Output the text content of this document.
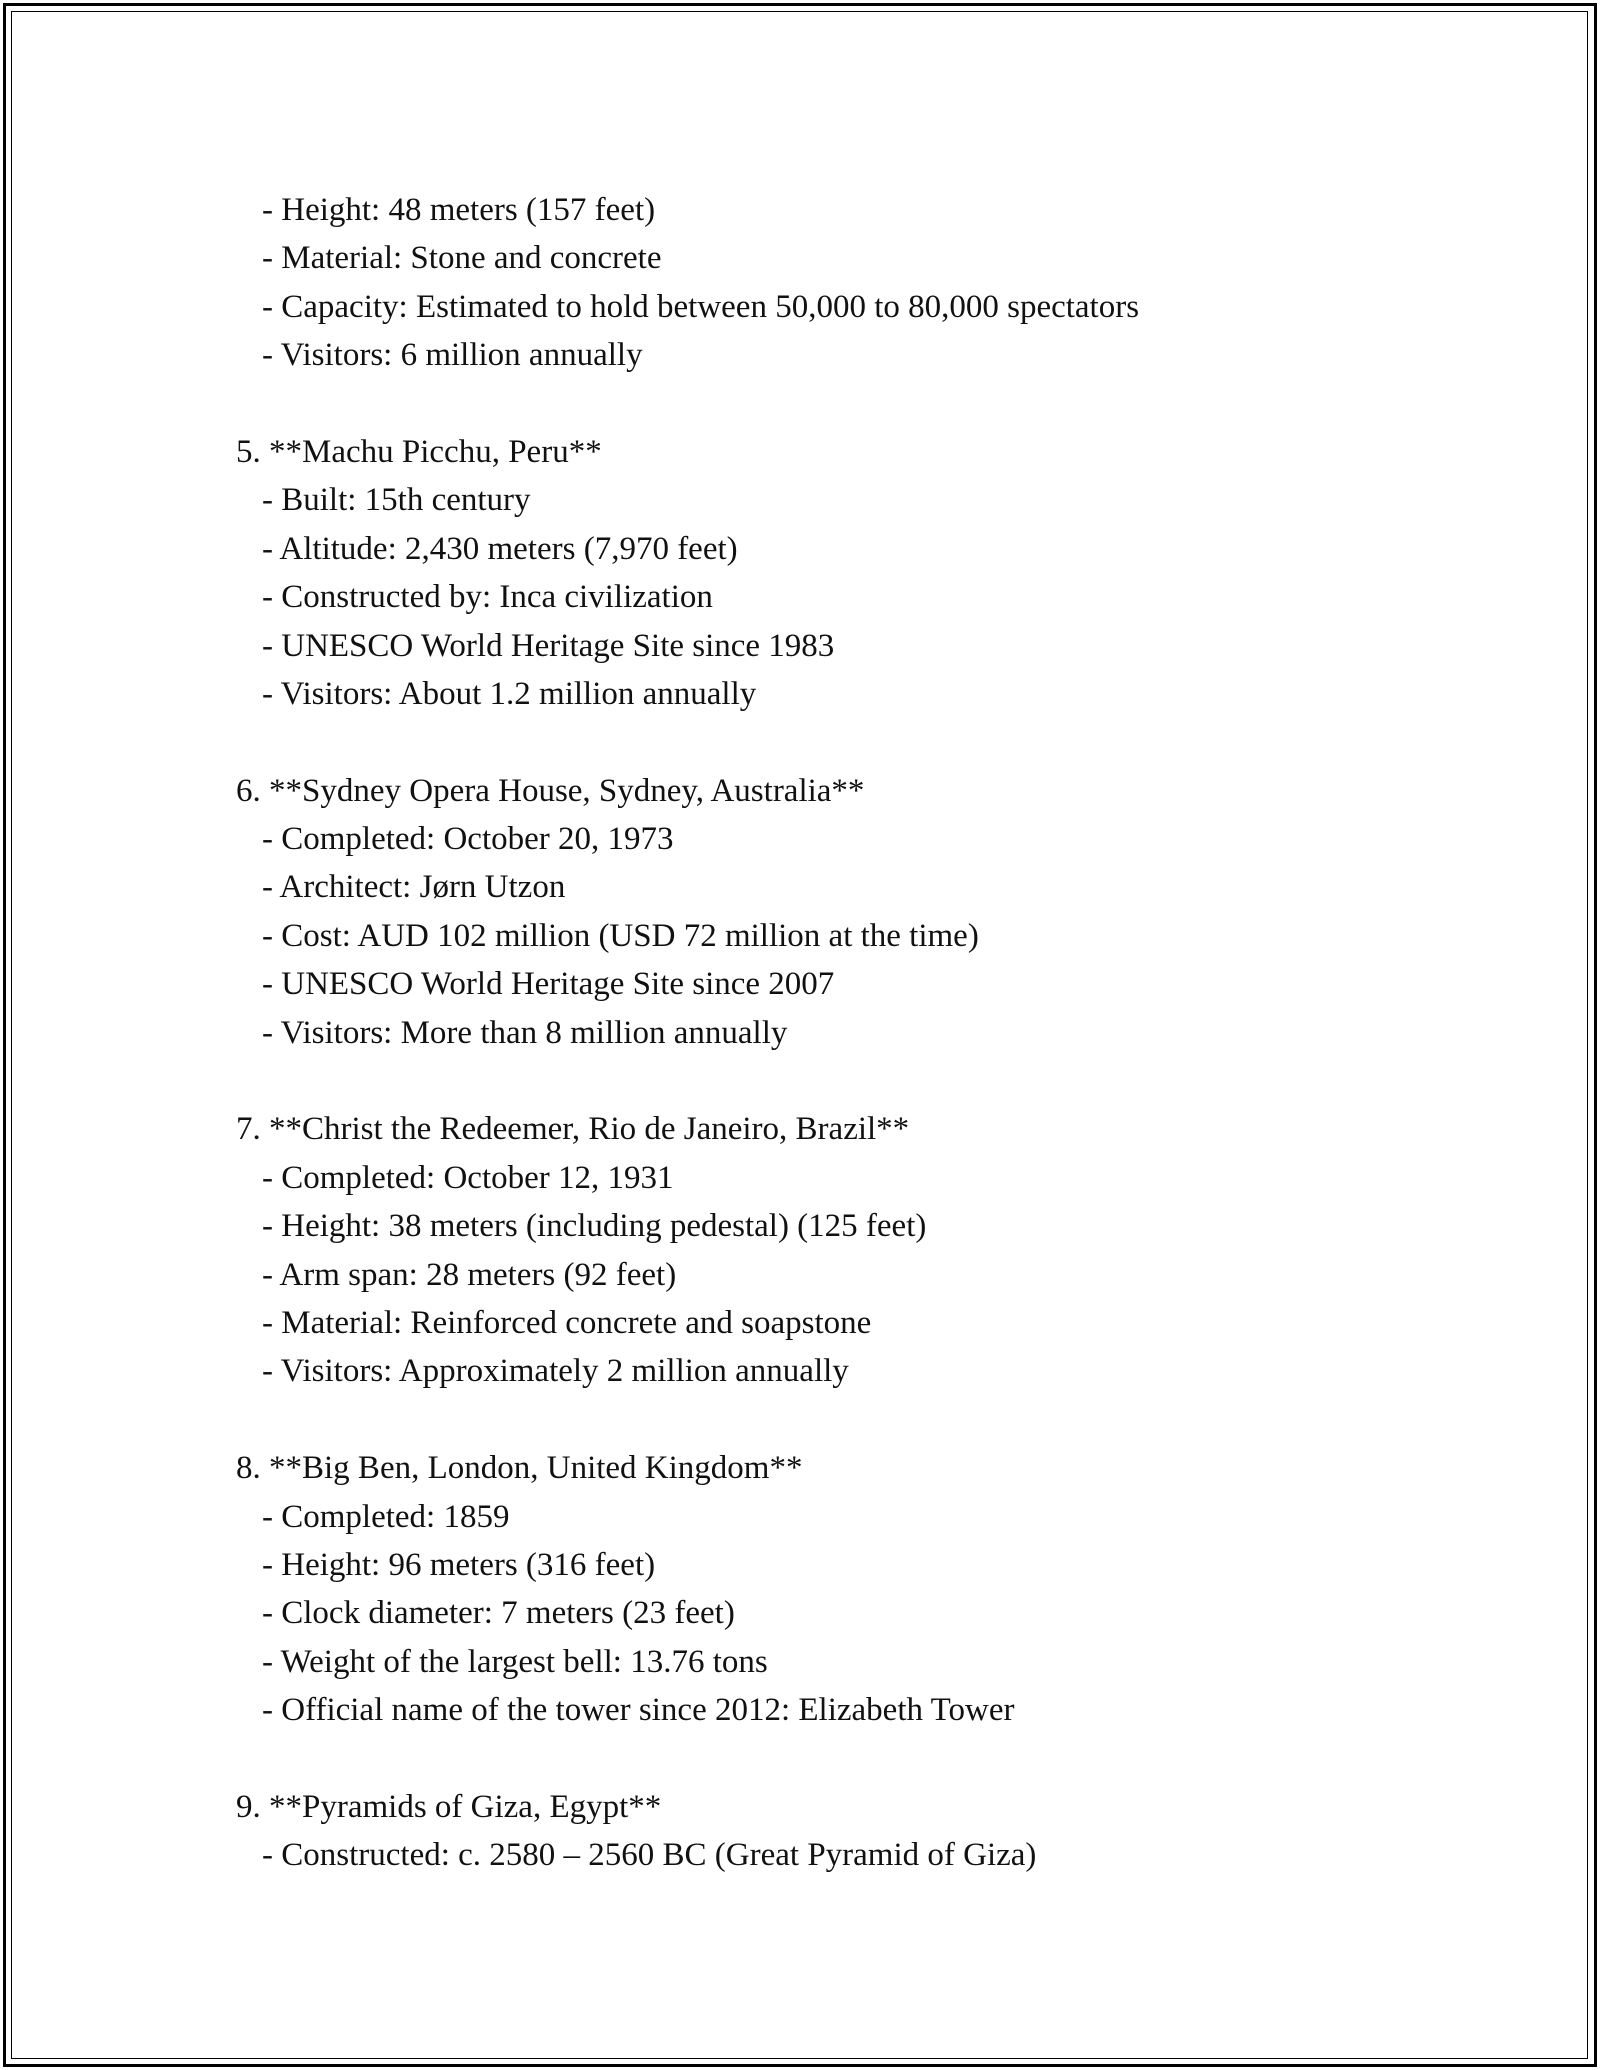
- Height: 48 meters (157 feet)
- Material: Stone and concrete
- Capacity: Estimated to hold between 50,000 to 80,000 spectators
- Visitors: 6 million annually
5. **Machu Picchu, Peru**
- Built: 15th century
- Altitude: 2,430 meters (7,970 feet)
- Constructed by: Inca civilization
- UNESCO World Heritage Site since 1983
- Visitors: About 1.2 million annually
6. **Sydney Opera House, Sydney, Australia**
- Completed: October 20, 1973
- Architect: Jørn Utzon
- Cost: AUD 102 million (USD 72 million at the time)
- UNESCO World Heritage Site since 2007
- Visitors: More than 8 million annually
7. **Christ the Redeemer, Rio de Janeiro, Brazil**
- Completed: October 12, 1931
- Height: 38 meters (including pedestal) (125 feet)
- Arm span: 28 meters (92 feet)
- Material: Reinforced concrete and soapstone
- Visitors: Approximately 2 million annually
8. **Big Ben, London, United Kingdom**
- Completed: 1859
- Height: 96 meters (316 feet)
- Clock diameter: 7 meters (23 feet)
- Weight of the largest bell: 13.76 tons
- Official name of the tower since 2012: Elizabeth Tower
9. **Pyramids of Giza, Egypt**
- Constructed: c. 2580 – 2560 BC (Great Pyramid of Giza)
